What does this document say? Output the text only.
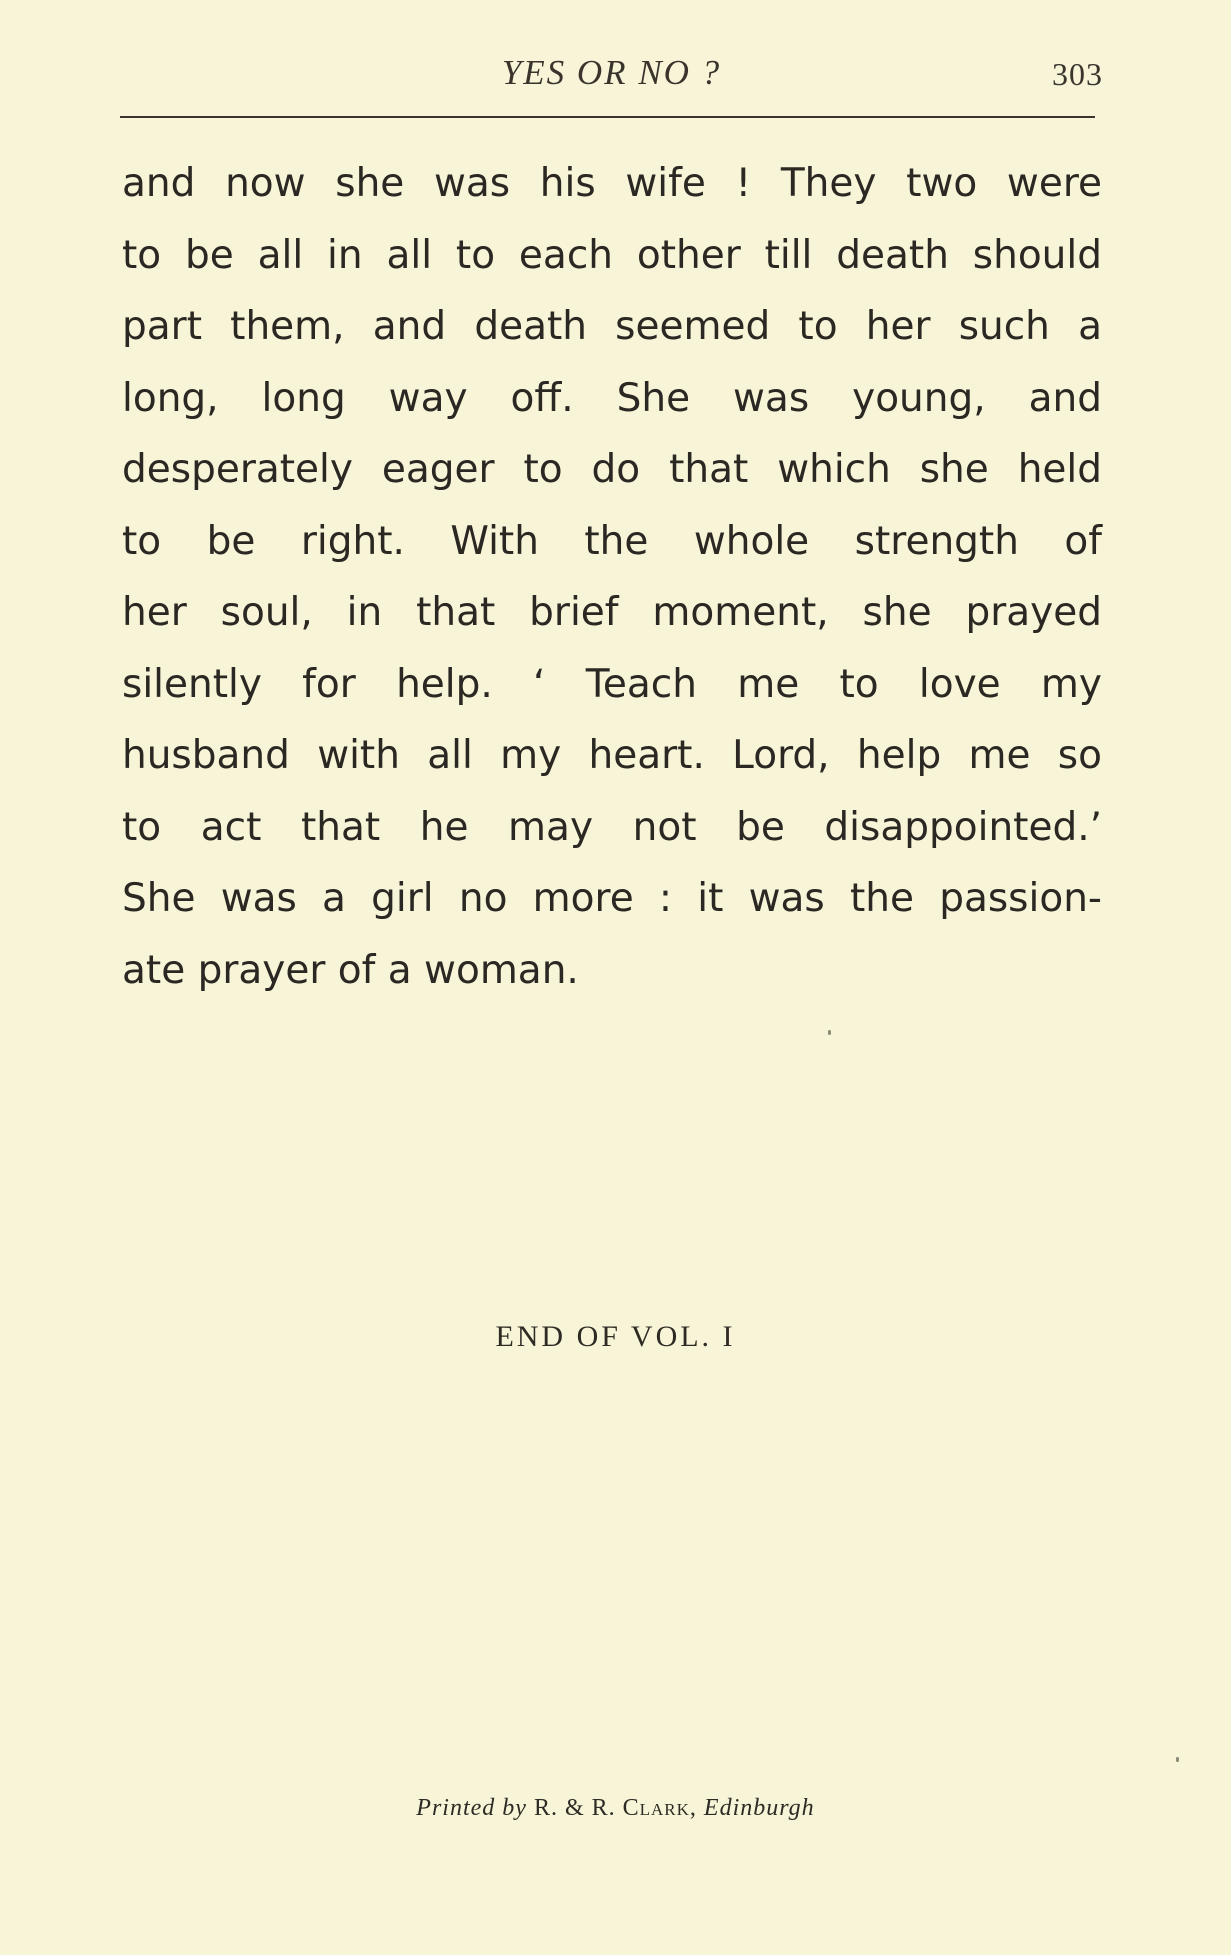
YES OR NO ?	303
and now she was his wife ! They two were
to be all in all to each other till death should
part them, and death seemed to her such a
long, long way off. She was young, and
desperately eager to do that which she held
to be right. With the whole strength of
her soul, in that brief moment, she prayed
silently for help. ‘ Teach me to love my
husband with all my heart. Lord, help me so
to act that he may not be disappointed.’
She was a girl no more : it was the passion-
ate prayer of a woman.
END OF VOL. I
Printed by R. & R. Clark, Edinburgh
